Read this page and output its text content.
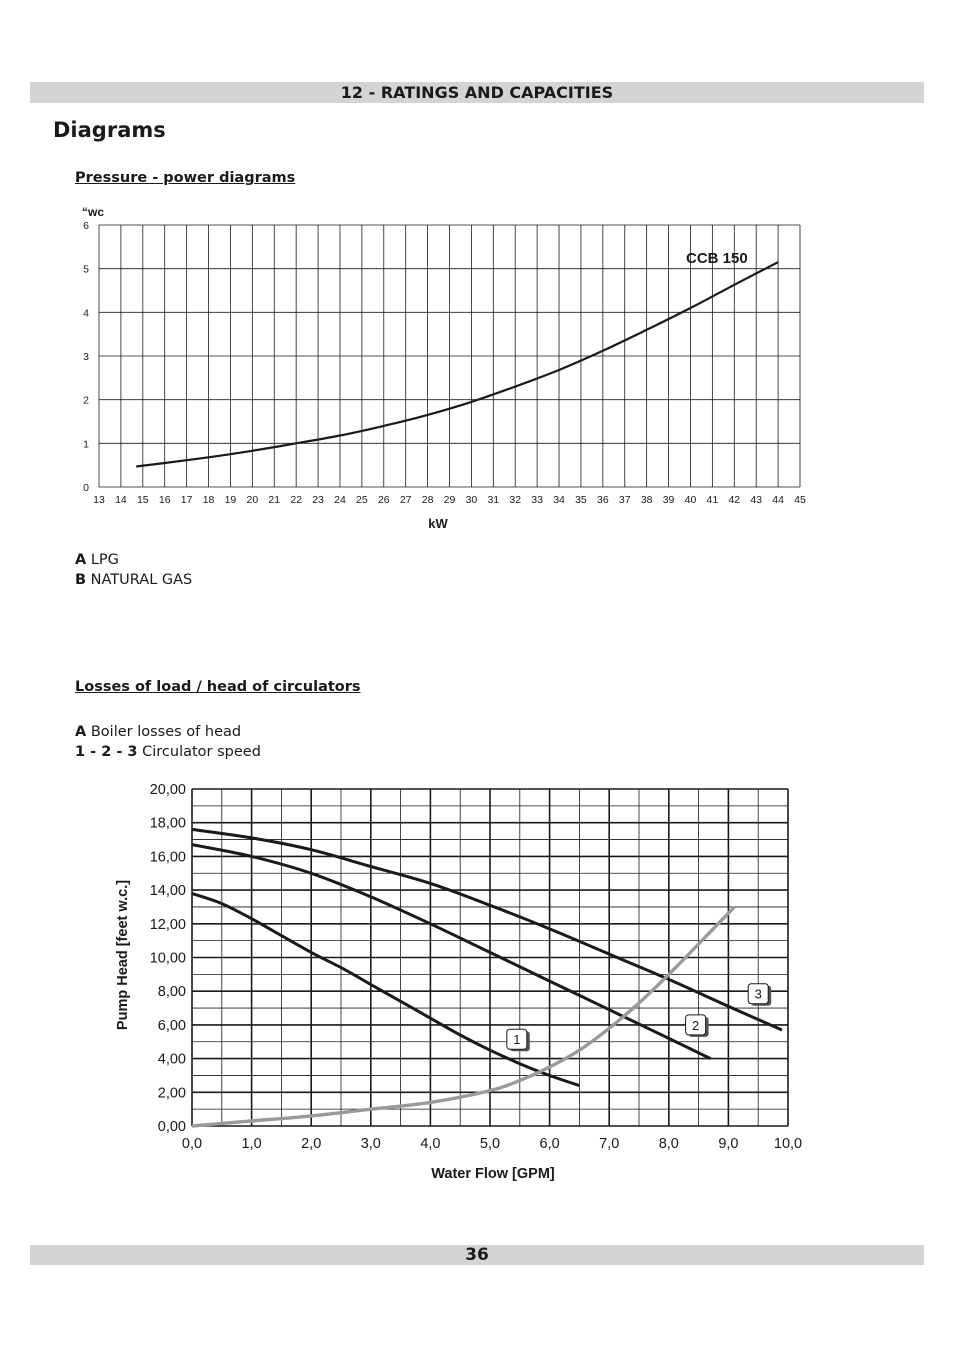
12 - RATINGS AND CAPACITIES
Diagrams
Pressure - power diagrams
A LPG
B NATURAL GAS
Losses of load / head of circulators
A Boiler losses of head
1 - 2 - 3 Circulator speed
13 14 15 16 17 18 19 20 21 22 23 24 25 26 27 28 29 30 31 32 33 34 35 36 37 38 39 40 41 42 43 44 45
0
1
2
3
4
5
6
“wc
kW
CCB 150
0,0	1,0	2,0	3,0	4,0	5,0	6,0	7,0	8,0	9,0 10,0
0,00
2,00
4,00
6,00
8,00
10,00
12,00
14,00
16,00
18,00
20,00
Water Flow [GPM]
Pump Head [feet w.c.]
1
2
3
36
